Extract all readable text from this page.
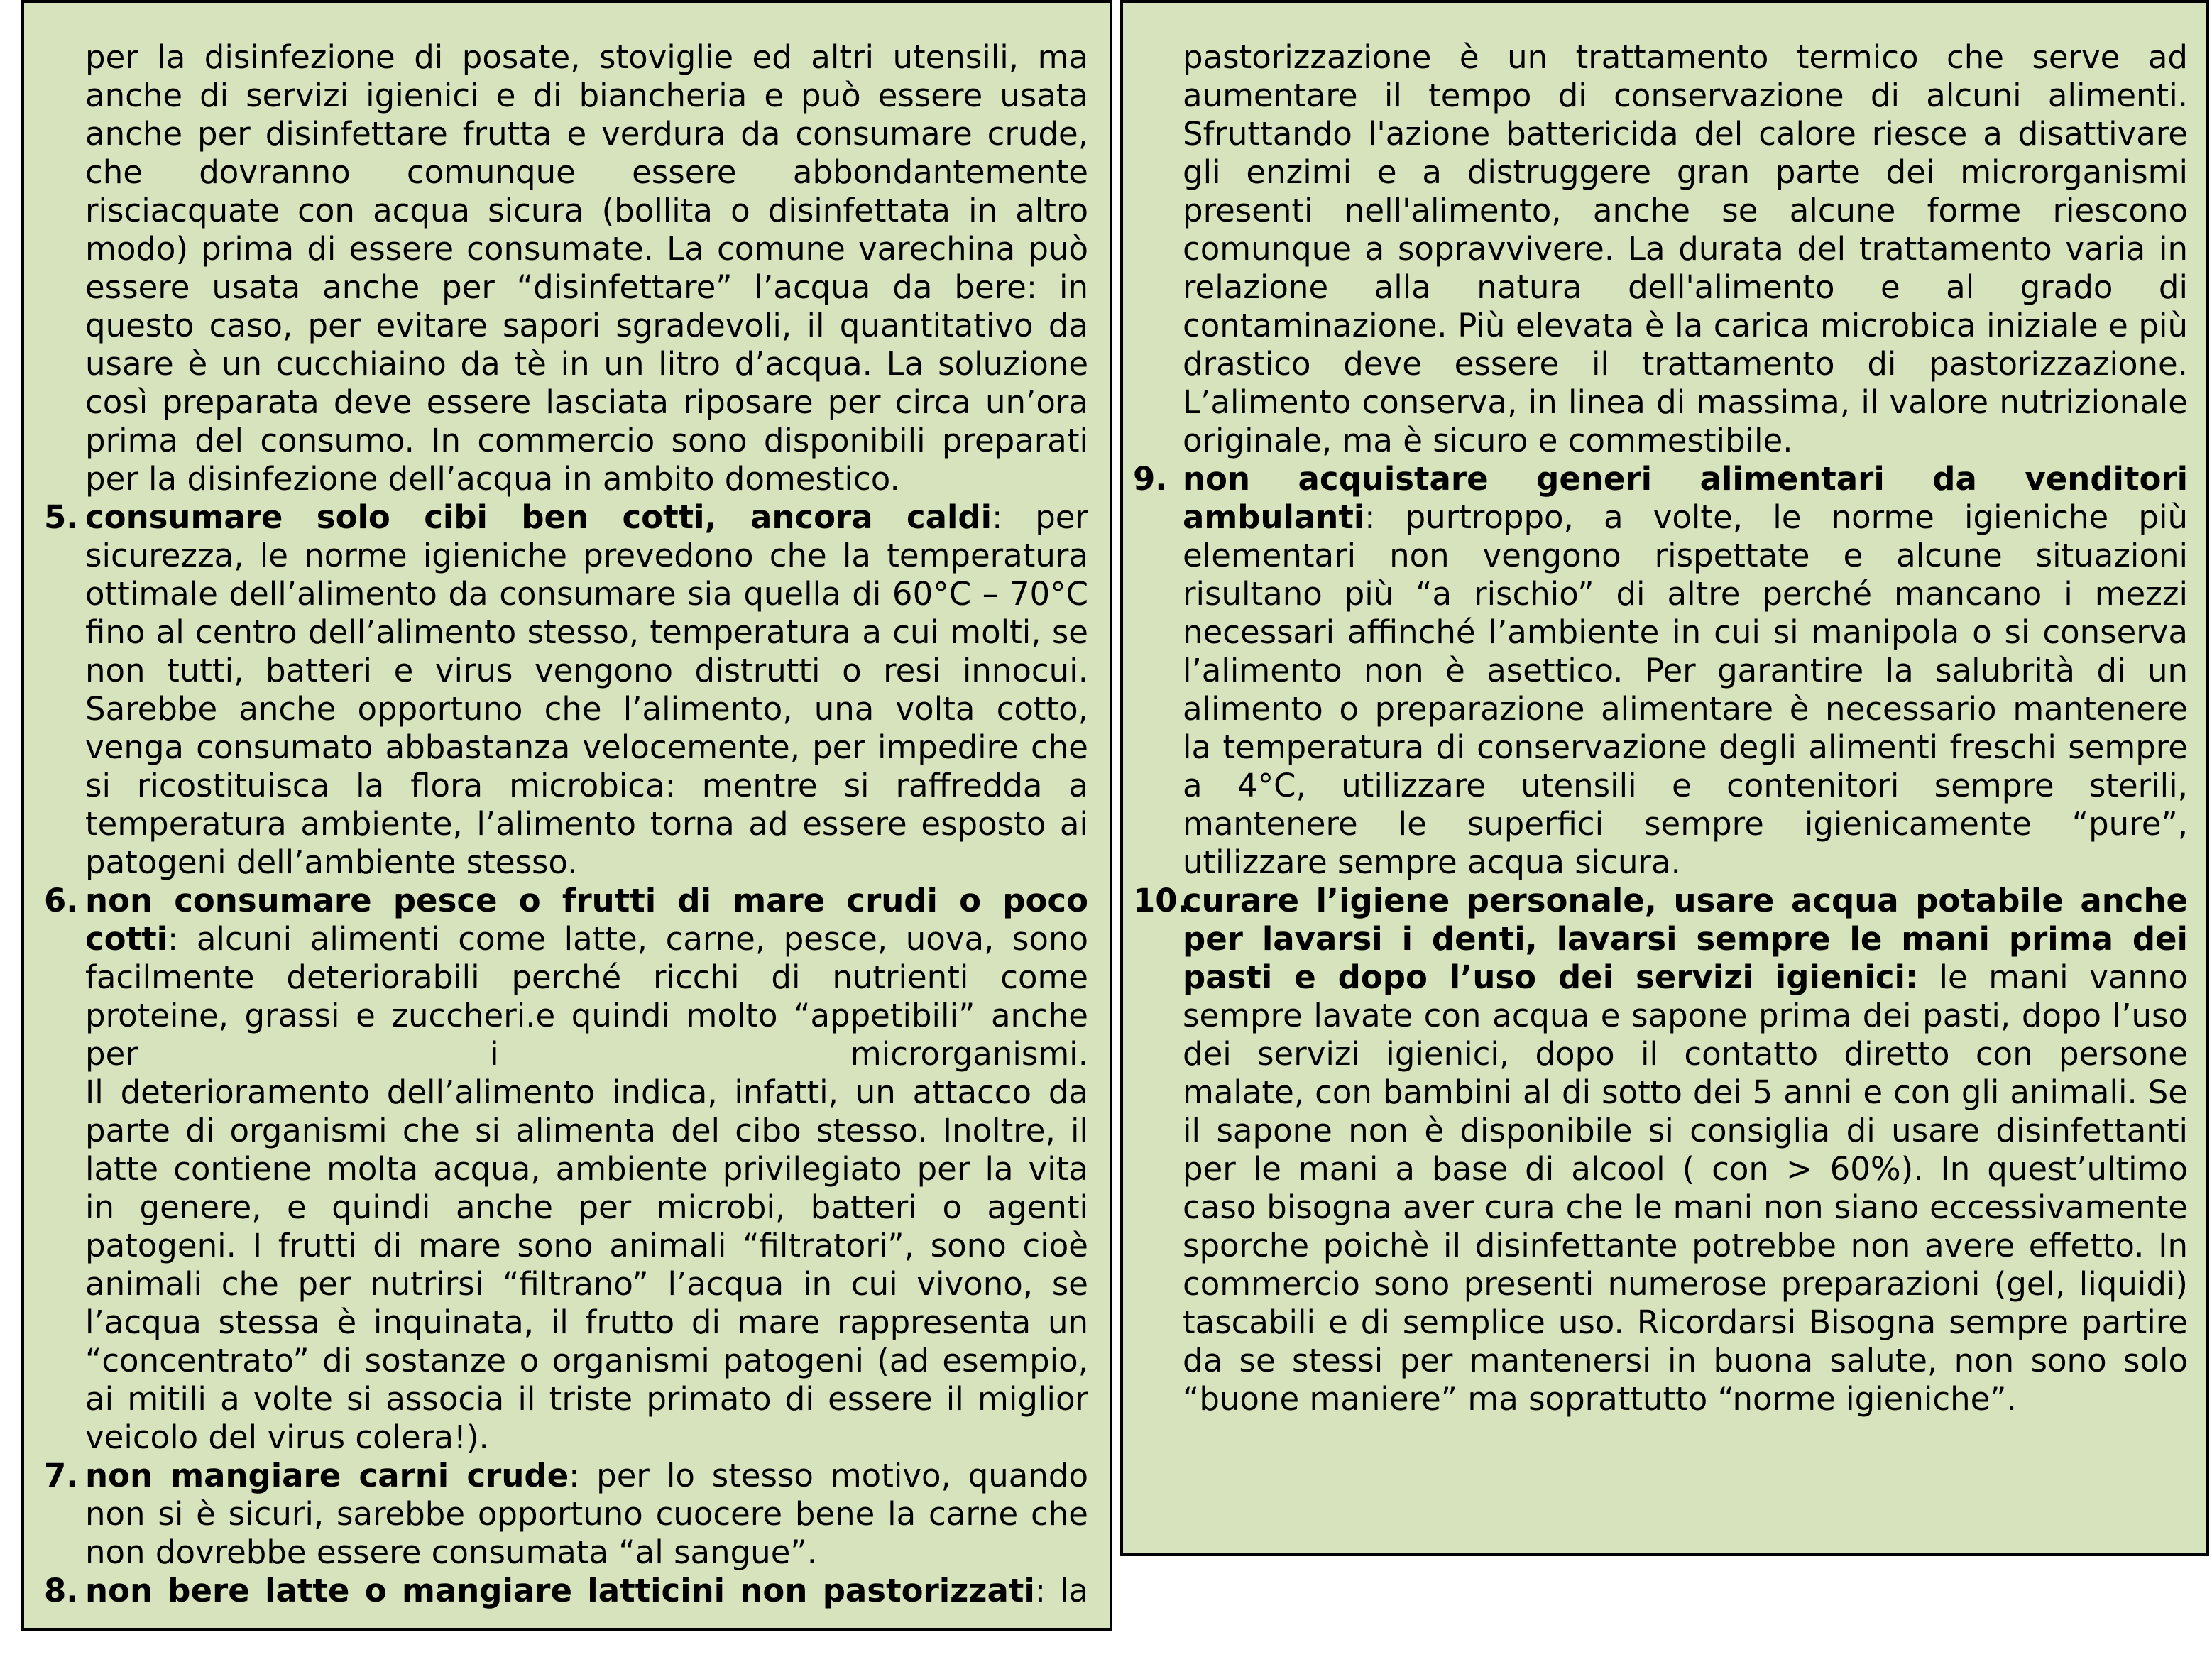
per la disinfezione di posate, stoviglie ed altri utensili, ma anche di servizi igienici e di biancheria e può essere usata anche per disinfettare frutta e verdura da consumare crude, che dovranno comunque essere abbondantemente risciacquate con acqua sicura (bollita o disinfettata in altro modo) prima di essere consumate. La comune varechina può essere usata anche per “disinfettare” l’acqua da bere: in questo caso, per evitare sapori sgradevoli, il quantitativo da usare è un cucchiaino da tè in un litro d’acqua. La soluzione così preparata deve essere lasciata riposare per circa un’ora prima del consumo. In commercio sono disponibili preparati per la disinfezione dell’acqua in ambito domestico.

5. consumare solo cibi ben cotti, ancora caldi: per sicurezza, le norme igieniche prevedono che la temperatura ottimale dell’alimento da consumare sia quella di 60°C – 70°C fino al centro dell’alimento stesso, temperatura a cui molti, se non tutti, batteri e virus vengono distrutti o resi innocui. Sarebbe anche opportuno che l’alimento, una volta cotto, venga consumato abbastanza velocemente, per impedire che si ricostituisca la flora microbica: mentre si raffredda a temperatura ambiente, l’alimento torna ad essere esposto ai patogeni dell’ambiente stesso.

6. non consumare pesce o frutti di mare crudi o poco cotti: alcuni alimenti come latte, carne, pesce, uova, sono facilmente deteriorabili perché ricchi di nutrienti come proteine, grassi e zuccheri.e quindi molto “appetibili” anche per i microrganismi.

Il deterioramento dell’alimento indica, infatti, un attacco da parte di organismi che si alimenta del cibo stesso. Inoltre, il latte contiene molta acqua, ambiente privilegiato per la vita in genere, e quindi anche per microbi, batteri o agenti patogeni. I frutti di mare sono animali “filtratori”, sono cioè animali che per nutrirsi “filtrano” l’acqua in cui vivono, se l’acqua stessa è inquinata, il frutto di mare rappresenta un “concentrato” di sostanze o organismi patogeni (ad esempio, ai mitili a volte si associa il triste primato di essere il miglior veicolo del virus colera!).

7. non mangiare carni crude: per lo stesso motivo, quando non si è sicuri, sarebbe opportuno cuocere bene la carne che non dovrebbe essere consumata “al sangue”.

8. non bere latte o mangiare latticini non pastorizzati: la

pastorizzazione è un trattamento termico che serve ad aumentare il tempo di conservazione di alcuni alimenti. Sfruttando l'azione battericida del calore riesce a disattivare gli enzimi e a distruggere gran parte dei microrganismi presenti nell'alimento, anche se alcune forme riescono comunque a sopravvivere. La durata del trattamento varia in relazione alla natura dell'alimento e al grado di contaminazione. Più elevata è la carica microbica iniziale e più drastico deve essere il trattamento di pastorizzazione.

L’alimento conserva, in linea di massima, il valore nutrizionale originale, ma è sicuro e commestibile.

9. non acquistare generi alimentari da venditori ambulanti: purtroppo, a volte, le norme igieniche più elementari non vengono rispettate e alcune situazioni risultano più “a rischio” di altre perché mancano i mezzi necessari affinché l’ambiente in cui si manipola o si conserva l’alimento non è asettico. Per garantire la salubrità di un alimento o preparazione alimentare è necessario mantenere la temperatura di conservazione degli alimenti freschi sempre a 4°C, utilizzare utensili e contenitori sempre sterili, mantenere le superfici sempre igienicamente “pure”, utilizzare sempre acqua sicura.

10.

curare l’igiene personale, usare acqua potabile anche per lavarsi i denti, lavarsi sempre le mani prima dei pasti e dopo l’uso dei servizi igienici: le mani vanno sempre lavate con acqua e sapone prima dei pasti, dopo l’uso dei servizi igienici, dopo il contatto diretto con persone malate, con bambini al di sotto dei 5 anni e con gli animali. Se il sapone non è disponibile si consiglia di usare disinfettanti per le mani a base di alcool ( con > 60%). In quest’ultimo caso bisogna aver cura che le mani non siano eccessivamente sporche poichè il disinfettante potrebbe non avere effetto. In commercio sono presenti numerose preparazioni (gel, liquidi) tascabili e di semplice uso. Ricordarsi Bisogna sempre partire da se stessi per mantenersi in buona salute, non sono solo “buone maniere” ma soprattutto “norme igieniche”.
